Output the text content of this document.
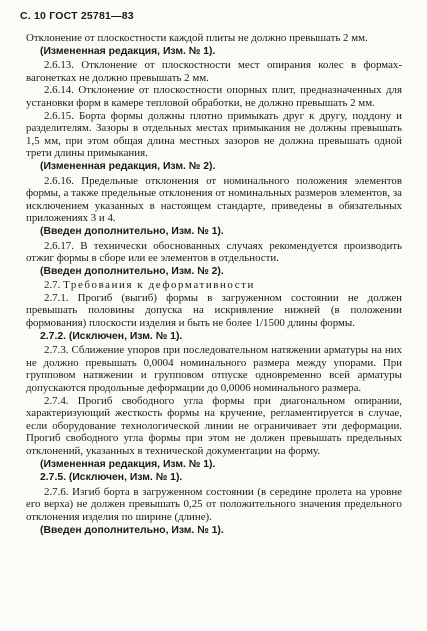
С. 10 ГОСТ 25781—83

Отклонение от плоскостности каждой плиты не должно превышать 2 мм.

(Измененная редакция, Изм. № 1).

2.6.13. Отклонение от плоскостности мест опирания колес в формах-вагонетках не должно превышать 2 мм.

2.6.14. Отклонение от плоскостности опорных плит, предназначенных для установки форм в камере тепловой обработки, не должно превышать 2 мм.

2.6.15. Борта формы должны плотно примыкать друг к другу, поддону и разделителям. Зазоры в отдельных местах примыкания не должны превышать 1,5 мм, при этом общая длина местных зазоров не должна превышать одной трети длины примыкания.

(Измененная редакция, Изм. № 2).

2.6.16. Предельные отклонения от номинального положения элементов формы, а также предельные отклонения от номинальных размеров элементов, за исключением указанных в настоящем стандарте, приведены в обязательных приложениях 3 и 4.

(Введен дополнительно, Изм. № 1).

2.6.17. В технически обоснованных случаях рекомендуется производить отжиг формы в сборе или ее элементов в отдельности.

(Введен дополнительно, Изм. № 2).

2.7. Требования к деформативности

2.7.1. Прогиб (выгиб) формы в загруженном состоянии не должен превышать половины допуска на искривление нижней (в положении формования) плоскости изделия и быть не более 1/1500 длины формы.

2.7.2. (Исключен, Изм. № 1).

2.7.3. Сближение упоров при последовательном натяжении арматуры на них не должно превышать 0,0004 номинального размера между упорами. При групповом натяжении и групповом отпуске одновременно всей арматуры допускаются продольные деформации до 0,0006 номинального размера.

2.7.4. Прогиб свободного угла формы при диагональном опирании, характеризующий жесткость формы на кручение, регламентируется в случае, если оборудование технологической линии не ограничивает эти деформации. Прогиб свободного угла формы при этом не должен превышать предельных отклонений, указанных в технической документации на форму.

(Измененная редакция, Изм. № 1).

2.7.5. (Исключен, Изм. № 1).

2.7.6. Изгиб борта в загруженном состоянии (в середине пролета на уровне его верха) не должен превышать 0,25 от положительного значения предельного отклонения изделия по ширине (длине).

(Введен дополнительно, Изм. № 1).
